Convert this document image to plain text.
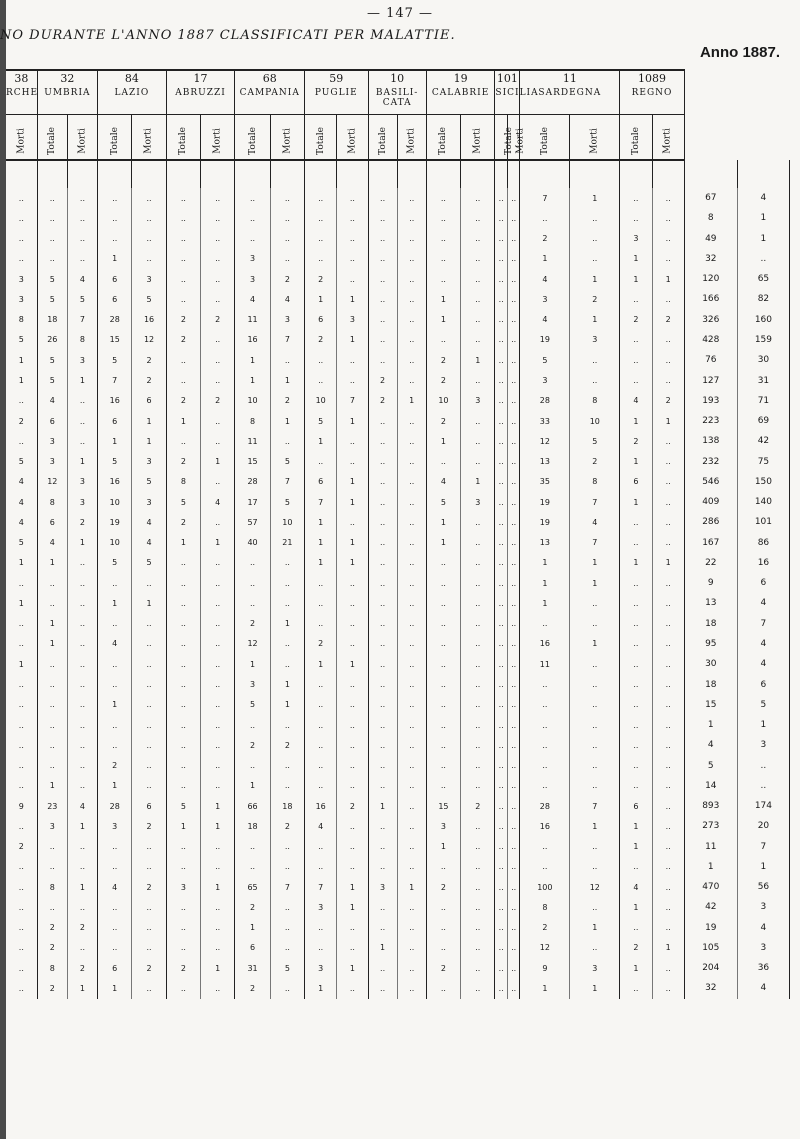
— 147 —
NO DURANTE L'ANNO 1887 CLASSIFICATI PER MALATTIE.
Anno 1887.
38	32		84		17		68		59		10		19		101		11		1089			
RCHE	UMBRIA		LAZIO		ABRUZZI		CAMPANIA		PUGLIE		BASILI-
CATA		CALABRIE		SICILIA		SARDEGNA		REGNO			
Morti	Totale	Morti	Totale	Morti	Totale	Morti	Totale	Morti	Totale	Morti	Totale	Morti	Totale	Morti	Totale	Morti	Totale	Morti	Totale	Morti		

..	..	..	..	..	..	..	..	..	..	..	..	..	..	..	..	..	7	1	..	..	67	4
..	..	..	..	..	..	..	..	..	..	..	..	..	..	..	..	..	..	..	..	..	8	1
..	..	..	..	..	..	..	..	..	..	..	..	..	..	..	..	..	2	..	3	..	49	1
..	..	..	1	..	..	..	3	..	..	..	..	..	..	..	..	..	1	..	1	..	32	..
3	5	4	6	3	..	..	3	2	2	..	..	..	..	..	..	..	4	1	1	1	120	65
3	5	5	6	5	..	..	4	4	1	1	..	..	1	..	..	..	3	2	..	..	166	82
8	18	7	28	16	2	2	11	3	6	3	..	..	1	..	..	..	4	1	2	2	326	160
5	26	8	15	12	2	..	16	7	2	1	..	..	..	..	..	..	19	3	..	..	428	159
1	5	3	5	2	..	..	1	..	..	..	..	..	2	1	..	..	5	..	..	..	76	30
1	5	1	7	2	..	..	1	1	..	..	2	..	2	..	..	..	3	..	..	..	127	31
..	4	..	16	6	2	2	10	2	10	7	2	1	10	3	..	..	28	8	4	2	193	71
2	6	..	6	1	1	..	8	1	5	1	..	..	2	..	..	..	33	10	1	1	223	69
..	3	..	1	1	..	..	11	..	1	..	..	..	1	..	..	..	12	5	2	..	138	42
5	3	1	5	3	2	1	15	5	..	..	..	..	..	..	..	..	13	2	1	..	232	75
4	12	3	16	5	8	..	28	7	6	1	..	..	4	1	..	..	35	8	6	..	546	150
4	8	3	10	3	5	4	17	5	7	1	..	..	5	3	..	..	19	7	1	..	409	140
4	6	2	19	4	2	..	57	10	1	..	..	..	1	..	..	..	19	4	..	..	286	101
5	4	1	10	4	1	1	40	21	1	1	..	..	1	..	..	..	13	7	..	..	167	86
1	1	..	5	5	..	..	..	..	1	1	..	..	..	..	..	..	1	1	1	1	22	16
..	..	..	..	..	..	..	..	..	..	..	..	..	..	..	..	..	1	1	..	..	9	6
1	..	..	1	1	..	..	..	..	..	..	..	..	..	..	..	..	1	..	..	..	13	4
..	1	..	..	..	..	..	2	1	..	..	..	..	..	..	..	..	..	..	..	..	18	7
..	1	..	4	..	..	..	12	..	2	..	..	..	..	..	..	..	16	1	..	..	95	4
1	..	..	..	..	..	..	1	..	1	1	..	..	..	..	..	..	11	..	..	..	30	4
..	..	..	..	..	..	..	3	1	..	..	..	..	..	..	..	..	..	..	..	..	18	6
..	..	..	1	..	..	..	5	1	..	..	..	..	..	..	..	..	..	..	..	..	15	5
..	..	..	..	..	..	..	..	..	..	..	..	..	..	..	..	..	..	..	..	..	1	1
..	..	..	..	..	..	..	2	2	..	..	..	..	..	..	..	..	..	..	..	..	4	3
..	..	..	2	..	..	..	..	..	..	..	..	..	..	..	..	..	..	..	..	..	5	..
..	1	..	1	..	..	..	1	..	..	..	..	..	..	..	..	..	..	..	..	..	14	..
9	23	4	28	6	5	1	66	18	16	2	1	..	15	2	..	..	28	7	6	..	893	174
..	3	1	3	2	1	1	18	2	4	..	..	..	3	..	..	..	16	1	1	..	273	20
2	..	..	..	..	..	..	..	..	..	..	..	..	1	..	..	..	..	..	1	..	11	7
..	..	..	..	..	..	..	..	..	..	..	..	..	..	..	..	..	..	..	..	..	1	1
..	8	1	4	2	3	1	65	7	7	1	3	1	2	..	..	..	100	12	4	..	470	56
..	..	..	..	..	..	..	2	..	3	1	..	..	..	..	..	..	8	..	1	..	42	3
..	2	2	..	..	..	..	1	..	..	..	..	..	..	..	..	..	2	1	..	..	19	4
..	2	..	..	..	..	..	6	..	..	..	1	..	..	..	..	..	12	..	2	1	105	3
..	8	2	6	2	2	1	31	5	3	1	..	..	2	..	..	..	9	3	1	..	204	36
..	2	1	1	..	..	..	2	..	1	..	..	..	..	..	..	..	1	1	..	..	32	4
